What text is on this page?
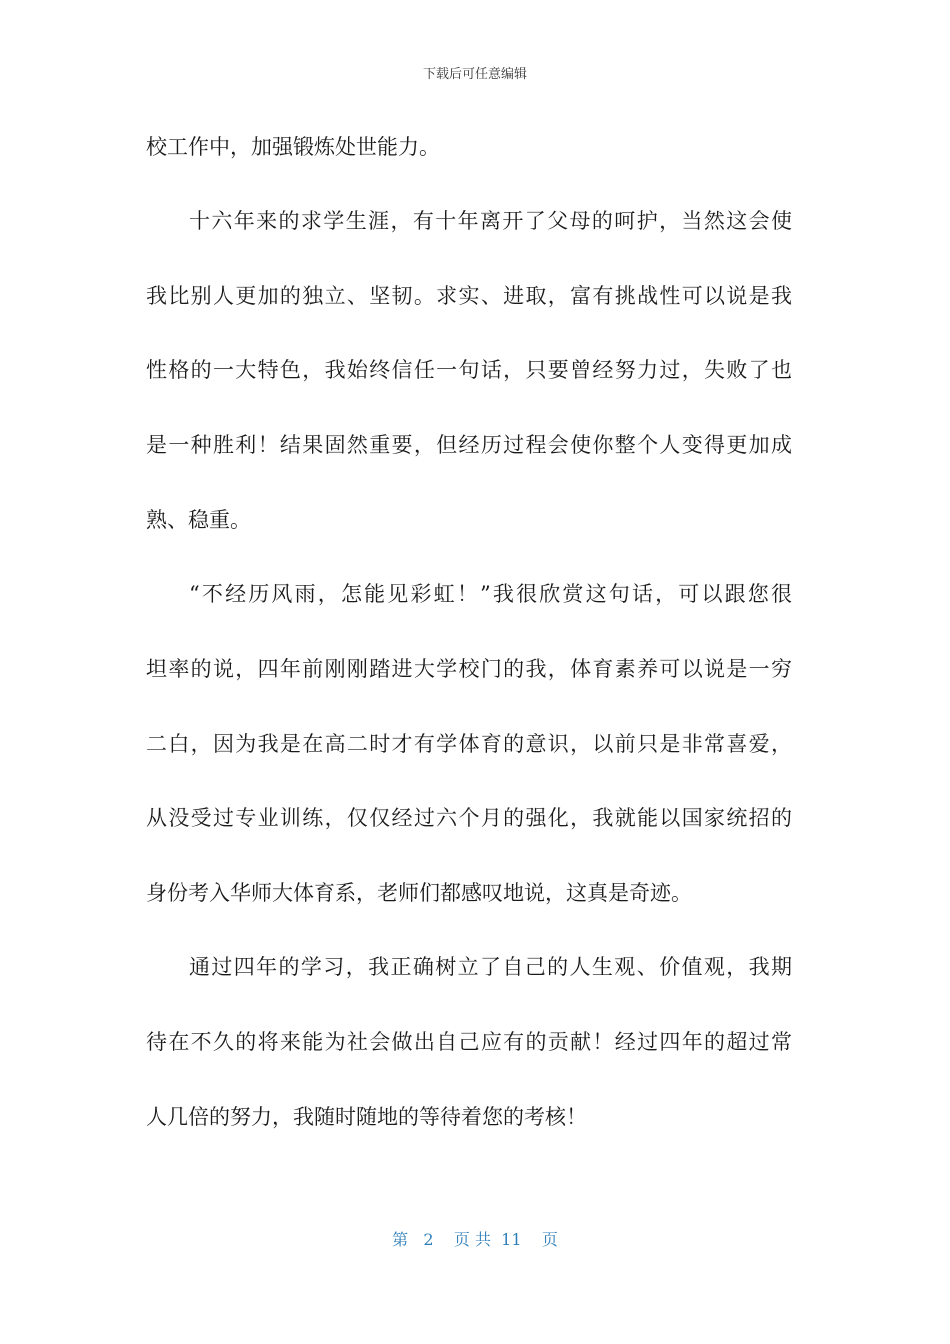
下载后可任意编辑
校工作中，加强锻炼处世能力。
十六年来的求学生涯，有十年离开了父母的呵护，当然这会使
我比别人更加的独立、坚韧。求实、进取，富有挑战性可以说是我
性格的一大特色，我始终信任一句话，只要曾经努力过，失败了也
是一种胜利！结果固然重要，但经历过程会使你整个人变得更加成
熟、稳重。
“不经历风雨，怎能见彩虹！”我很欣赏这句话，可以跟您很
坦率的说，四年前刚刚踏进大学校门的我，体育素养可以说是一穷
二白，因为我是在高二时才有学体育的意识，以前只是非常喜爱，
从没受过专业训练，仅仅经过六个月的强化，我就能以国家统招的
身份考入华师大体育系，老师们都感叹地说，这真是奇迹。
通过四年的学习，我正确树立了自己的人生观、价值观，我期
待在不久的将来能为社会做出自己应有的贡献！经过四年的超过常
人几倍的努力，我随时随地的等待着您的考核！
第 2 页 共 11 页
